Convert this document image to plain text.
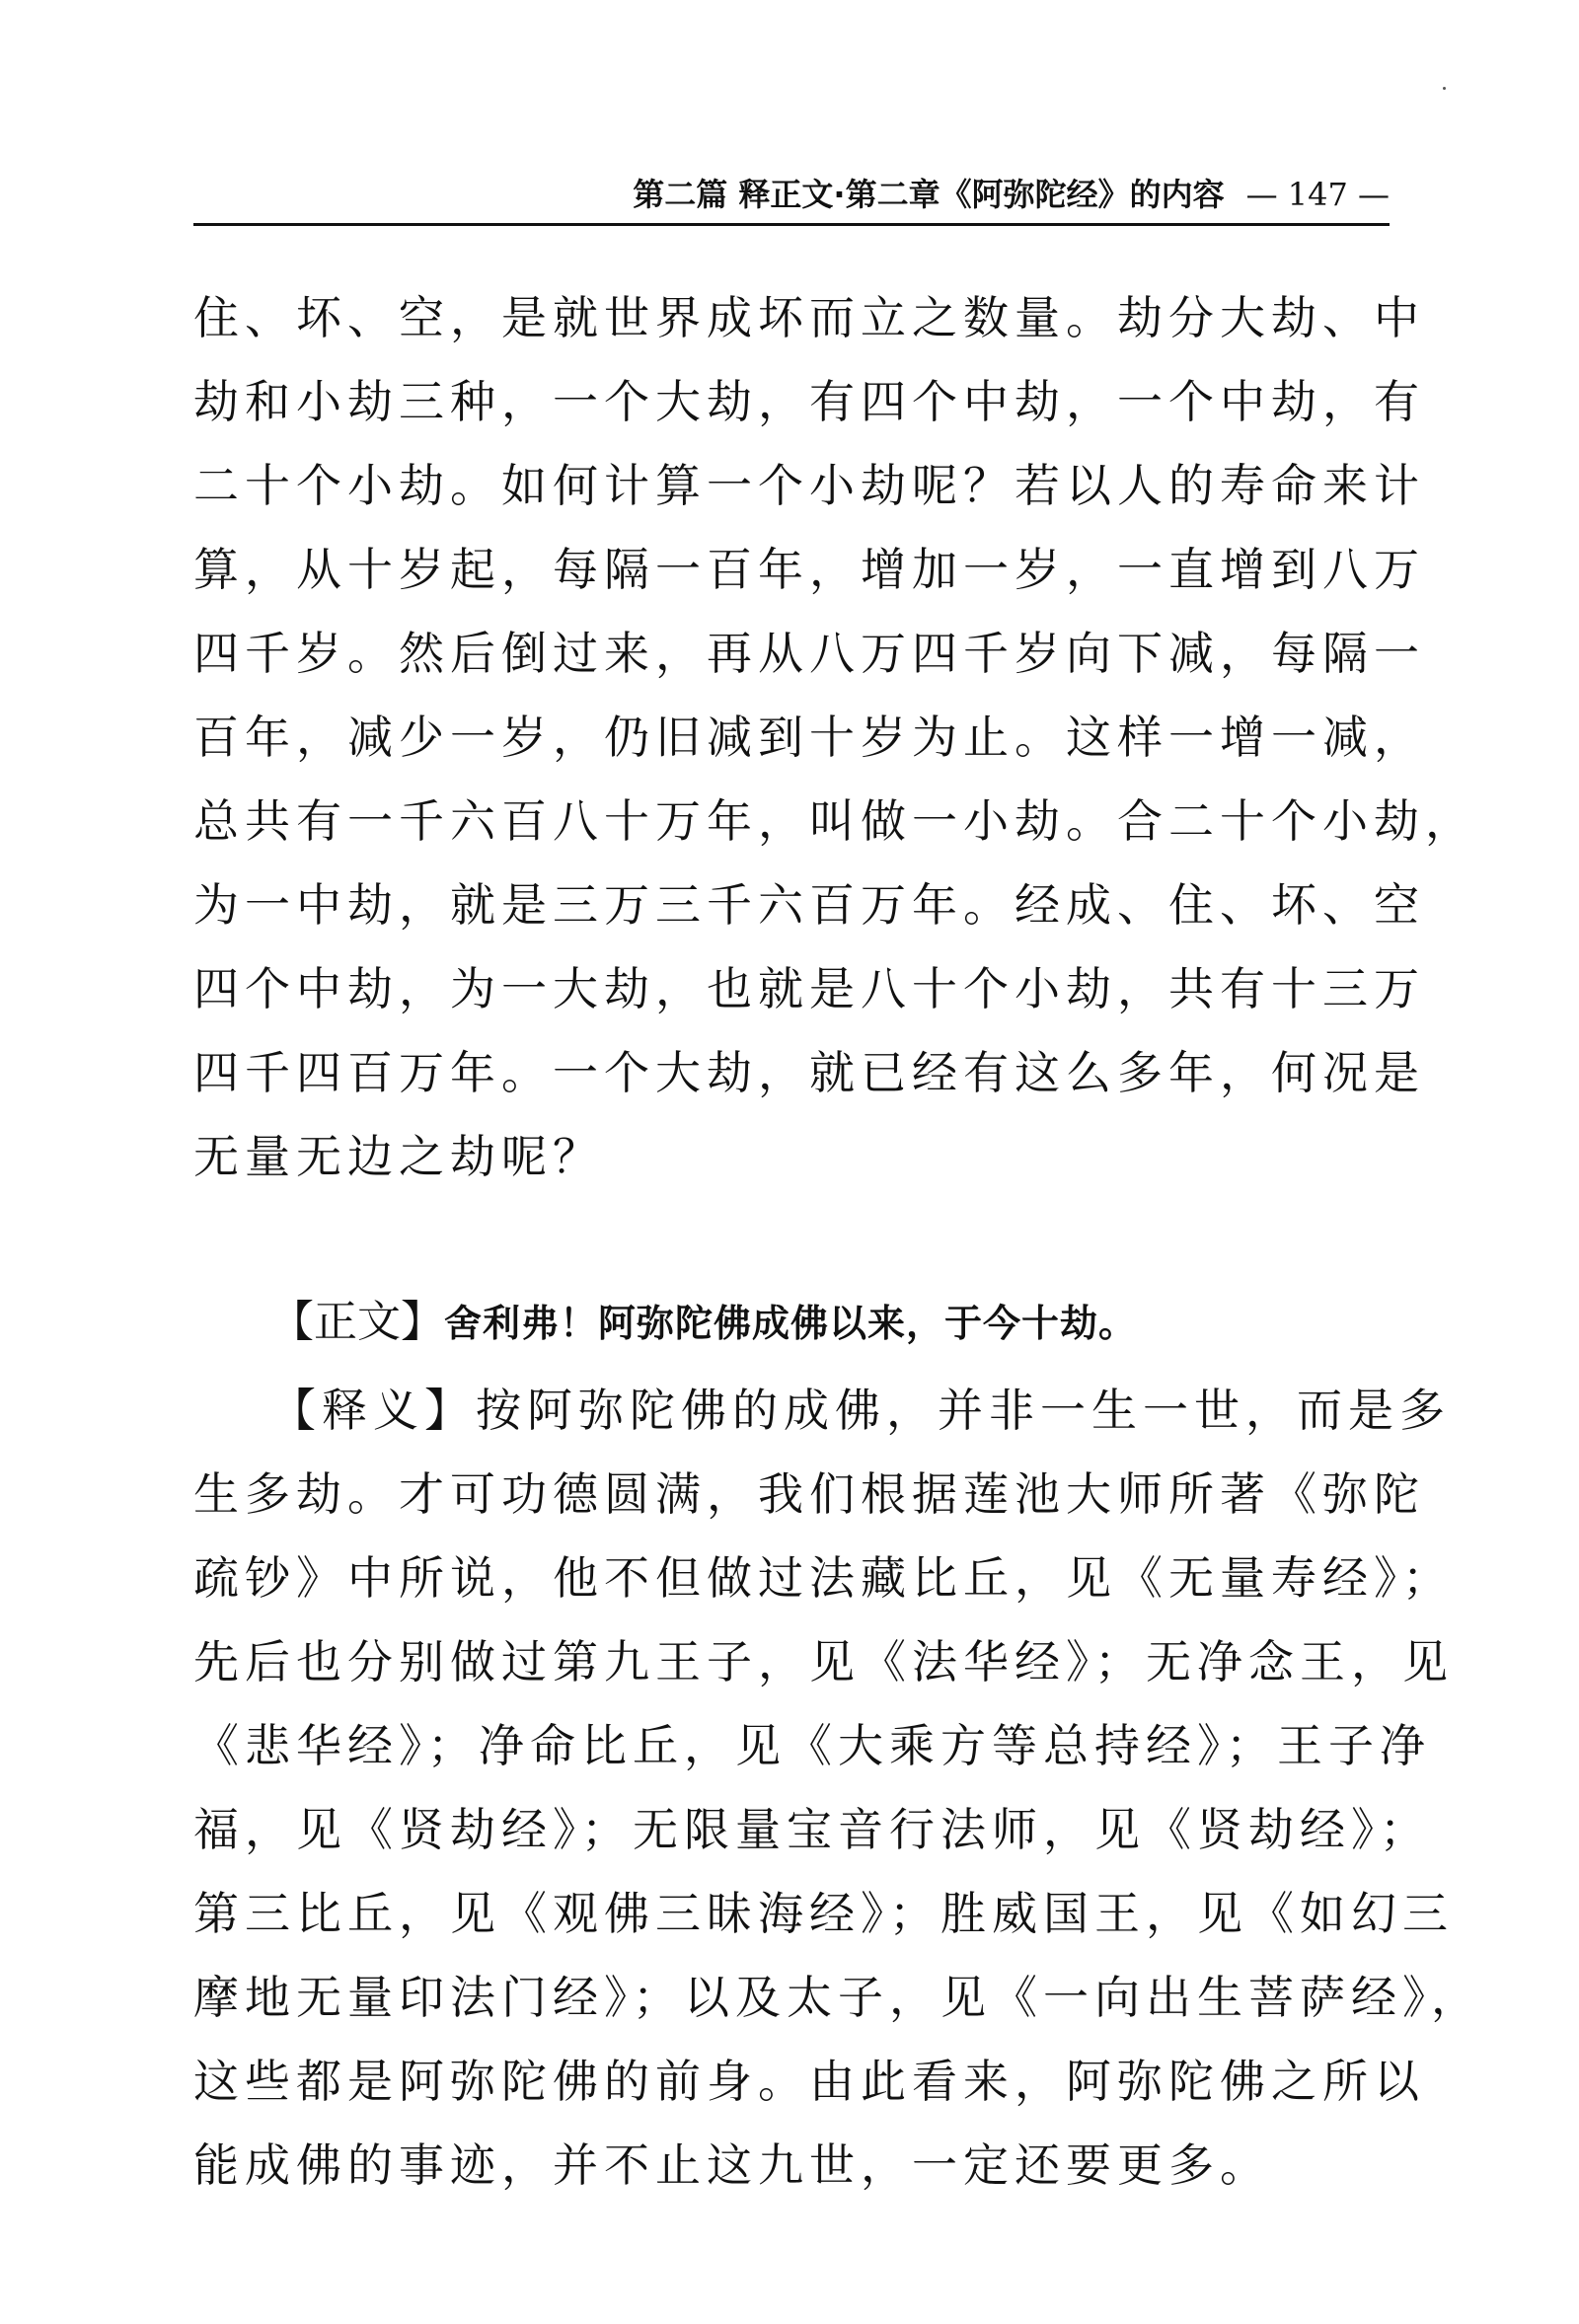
第二篇 释正文·第二章《阿弥陀经》的内容 — 147 —
住、坏、空，是就世界成坏而立之数量。劫分大劫、中
劫和小劫三种，一个大劫，有四个中劫，一个中劫，有
二十个小劫。如何计算一个小劫呢？若以人的寿命来计
算，从十岁起，每隔一百年，增加一岁，一直增到八万
四千岁。然后倒过来，再从八万四千岁向下减，每隔一
百年，减少一岁，仍旧减到十岁为止。这样一增一减，
总共有一千六百八十万年，叫做一小劫。合二十个小劫，
为一中劫，就是三万三千六百万年。经成、住、坏、空
四个中劫，为一大劫，也就是八十个小劫，共有十三万
四千四百万年。一个大劫，就已经有这么多年，何况是
无量无边之劫呢？
【正文】舍利弗！阿弥陀佛成佛以来，于今十劫。
【释义】按阿弥陀佛的成佛，并非一生一世，而是多
生多劫。才可功德圆满，我们根据莲池大师所著《弥陀
疏钞》中所说，他不但做过法藏比丘，见《无量寿经》；
先后也分别做过第九王子，见《法华经》；无净念王，见
《悲华经》；净命比丘，见《大乘方等总持经》；王子净
福，见《贤劫经》；无限量宝音行法师，见《贤劫经》；
第三比丘，见《观佛三昧海经》；胜威国王，见《如幻三
摩地无量印法门经》；以及太子，见《一向出生菩萨经》，
这些都是阿弥陀佛的前身。由此看来，阿弥陀佛之所以
能成佛的事迹，并不止这九世，一定还要更多。
